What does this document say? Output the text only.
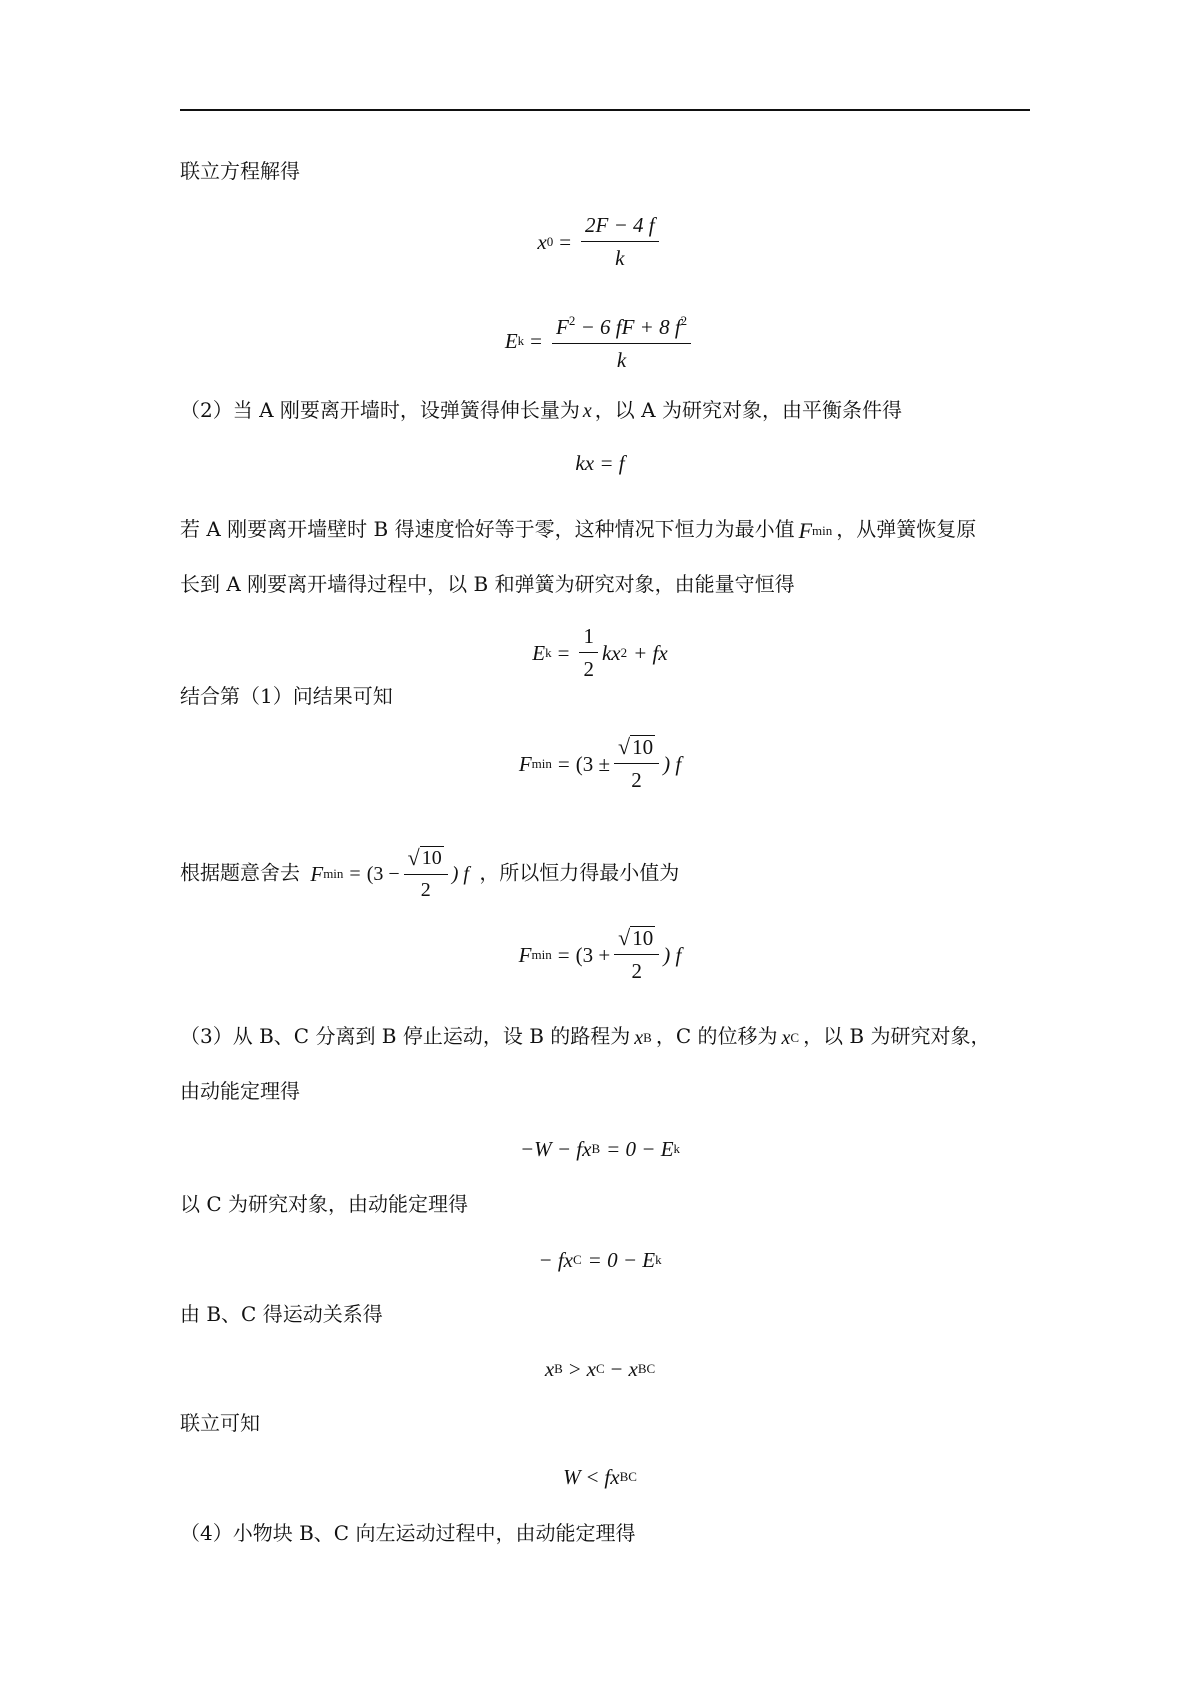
联立方程解得
x $0 = \frac{2F - 4 f}{k}$
E $k = \frac{F^2 - 6 fF + 8 f^2}{k}$
（2）当 A 刚要离开墙时，设弹簧得伸长量为 x ，以 A 为研究对象，由平衡条件得
kx = f
若 A 刚要离开墙壁时 B 得速度恰好等于零，这种情况下恒力为最小值 F min ，从弹簧恢复原
长到 A 刚要离开墙得过程中，以 B 和弹簧为研究对象，由能量守恒得
E $k = \frac{1}{2}$ k x 2 + fx
结合第（1）问结果可知
F $\min = (3 \pm \frac{√ 10}{2}$ ) f
根据题意舍去 F $\min = (3 - \frac{√ 10}{2}$ ) f ，所以恒力得最小值为
F $\min = (3 + \frac{√ 10}{2}$ ) f
（3）从 B、C 分离到 B 停止运动，设 B 的路程为 x B ，C 的位移为 x C ，以 B 为研究对象，
由动能定理得
−W − fx B = 0 − E k
以 C 为研究对象，由动能定理得
− fx C = 0 − E k
由 B、C 得运动关系得
x B > x C − x BC
联立可知
W < f x BC
（4）小物块 B、C 向左运动过程中，由动能定理得
